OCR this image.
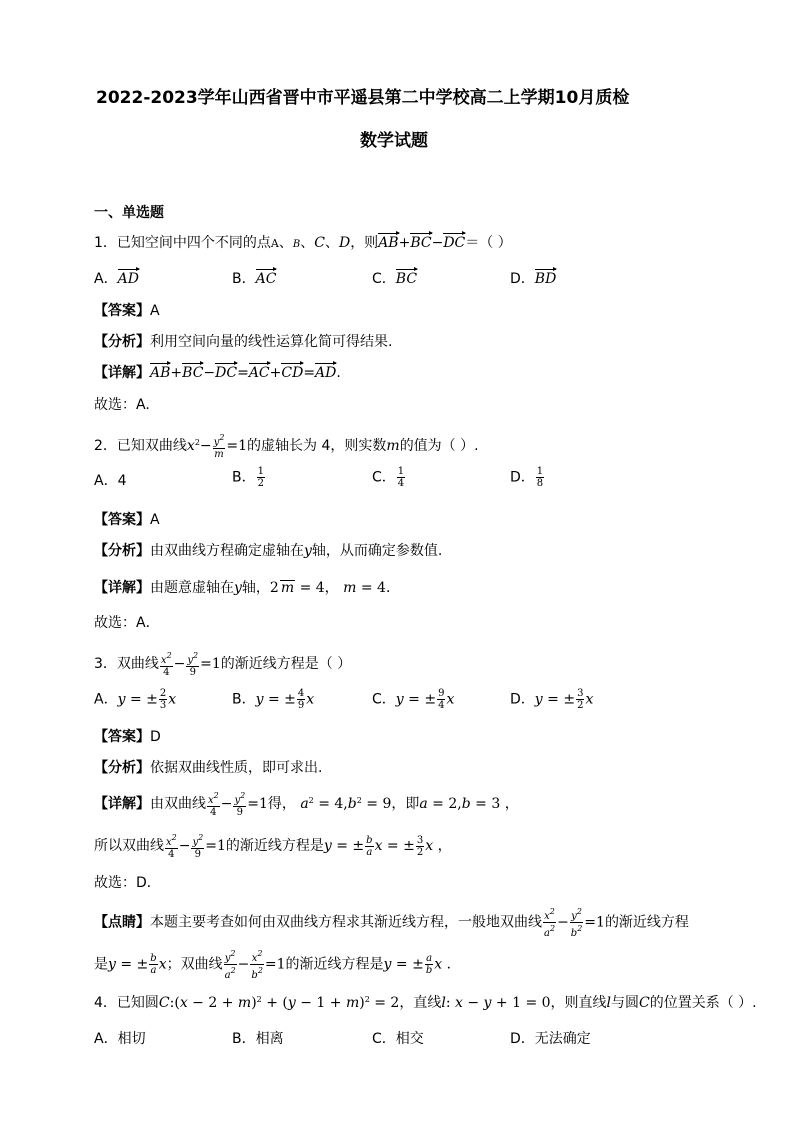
2022-2023学年山西省晋中市平遥县第二中学校高二上学期10月质检
数学试题
一、单选题
1．已知空间中四个不同的点A、B、C、D，则AB+BC−DC＝（ ）
A．AD	B．AC	C．BC	D．BD
【答案】A
【分析】利用空间向量的线性运算化简可得结果.
【详解】AB+BC−DC=AC+CD=AD.
故选：A.
2．已知双曲线$x^2- \frac{y^2}{m} =1$的虚轴长为 4，则实数m的值为（ ）.
A．4	B． $\frac{1}{2}$	C． $\frac{1}{4}$	D． $\frac{1}{8}$
【答案】A
【分析】由双曲线方程确定虚轴在y轴，从而确定参数值.
【详解】由题意虚轴在y轴，2 m = 4， m = 4．
故选：A．
3．双曲线 $\frac{x^2}{4} - \frac{y^2}{9} =1$的渐近线方程是（ ）
A．y = ± $\frac{2}{3}$ x	B．y = ± $\frac{4}{9}$ x	C．y = ± $\frac{9}{4}$ x	D．y = ± $\frac{3}{2}$ x
【答案】D
【分析】依据双曲线性质，即可求出.
【详解】由双曲线 $\frac{x^2}{4} - \frac{y^2}{9} =1$得， $a^2 = 4,b^2 = 9$，即a = 2,b = 3 ，
所以双曲线 $\frac{x^2}{4} - \frac{y^2}{9} =1$的渐近线方程是y = ± $\frac{b}{a}$ x = ± $\frac{3}{2}$ x ，
故选：D．
【点睛】本题主要考查如何由双曲线方程求其渐近线方程，一般地双曲线 $\frac{x^2}{a^2} - \frac{y^2}{b^2} =1$的渐近线方程
是y = ± $\frac{b}{a}$ x；双曲线 $\frac{y^2}{a^2} - \frac{x^2}{b^2} =1$的渐近线方程是y = ± $\frac{a}{b}$ x ．
4．已知圆C:(x − $2 + m)^2 + (y - 1 + m)^2 = 2$，直线l: x − y + 1 = 0，则直线l与圆C的位置关系（ ）.
A．相切	B．相离	C．相交	D．无法确定
